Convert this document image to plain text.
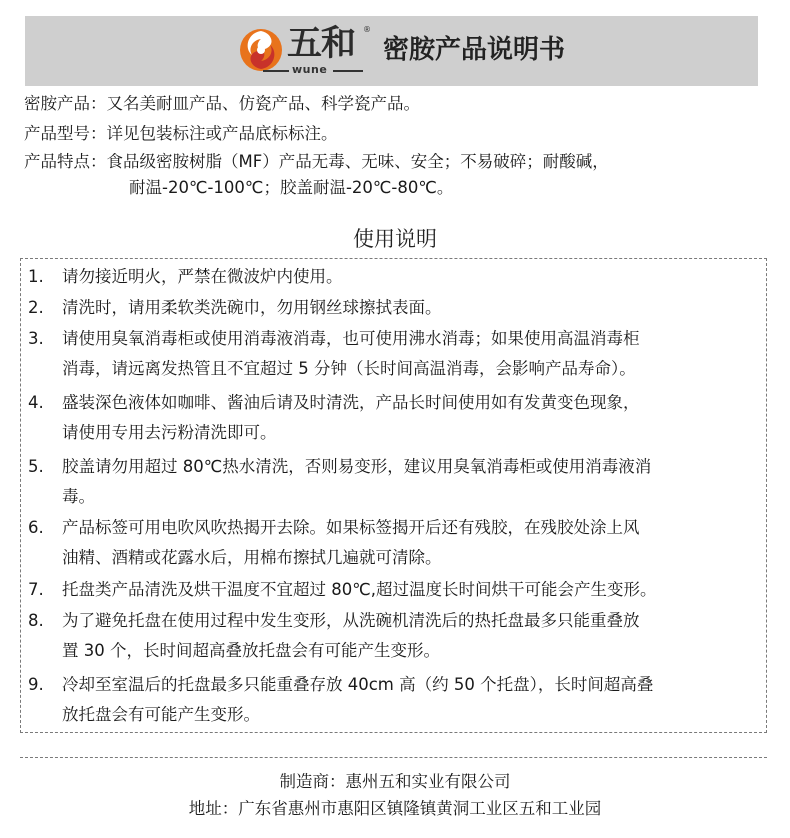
五和 ®
wune
密胺产品说明书
密胺产品：又名美耐皿产品、仿瓷产品、科学瓷产品。
产品型号：详见包装标注或产品底标标注。
产品特点：食品级密胺树脂（MF）产品无毒、无味、安全；不易破碎；耐酸碱，
耐温-20℃-100℃；胶盖耐温-20℃-80℃。
使用说明
1. 请勿接近明火，严禁在微波炉内使用。
2. 清洗时，请用柔软类洗碗巾，勿用钢丝球擦拭表面。
3. 请使用臭氧消毒柜或使用消毒液消毒，也可使用沸水消毒；如果使用高温消毒柜
消毒，请远离发热管且不宜超过 5 分钟（长时间高温消毒，会影响产品寿命）。
4. 盛装深色液体如咖啡、酱油后请及时清洗，产品长时间使用如有发黄变色现象，
请使用专用去污粉清洗即可。
5. 胶盖请勿用超过 80℃热水清洗，否则易变形，建议用臭氧消毒柜或使用消毒液消
毒。
6. 产品标签可用电吹风吹热揭开去除。如果标签揭开后还有残胶，在残胶处涂上风
油精、酒精或花露水后，用棉布擦拭几遍就可清除。
7. 托盘类产品清洗及烘干温度不宜超过 80℃,超过温度长时间烘干可能会产生变形。
8. 为了避免托盘在使用过程中发生变形，从洗碗机清洗后的热托盘最多只能重叠放
置 30 个，长时间超高叠放托盘会有可能产生变形。
9. 冷却至室温后的托盘最多只能重叠存放 40cm 高（约 50 个托盘），长时间超高叠
放托盘会有可能产生变形。
制造商：惠州五和实业有限公司
地址：广东省惠州市惠阳区镇隆镇黄洞工业区五和工业园
